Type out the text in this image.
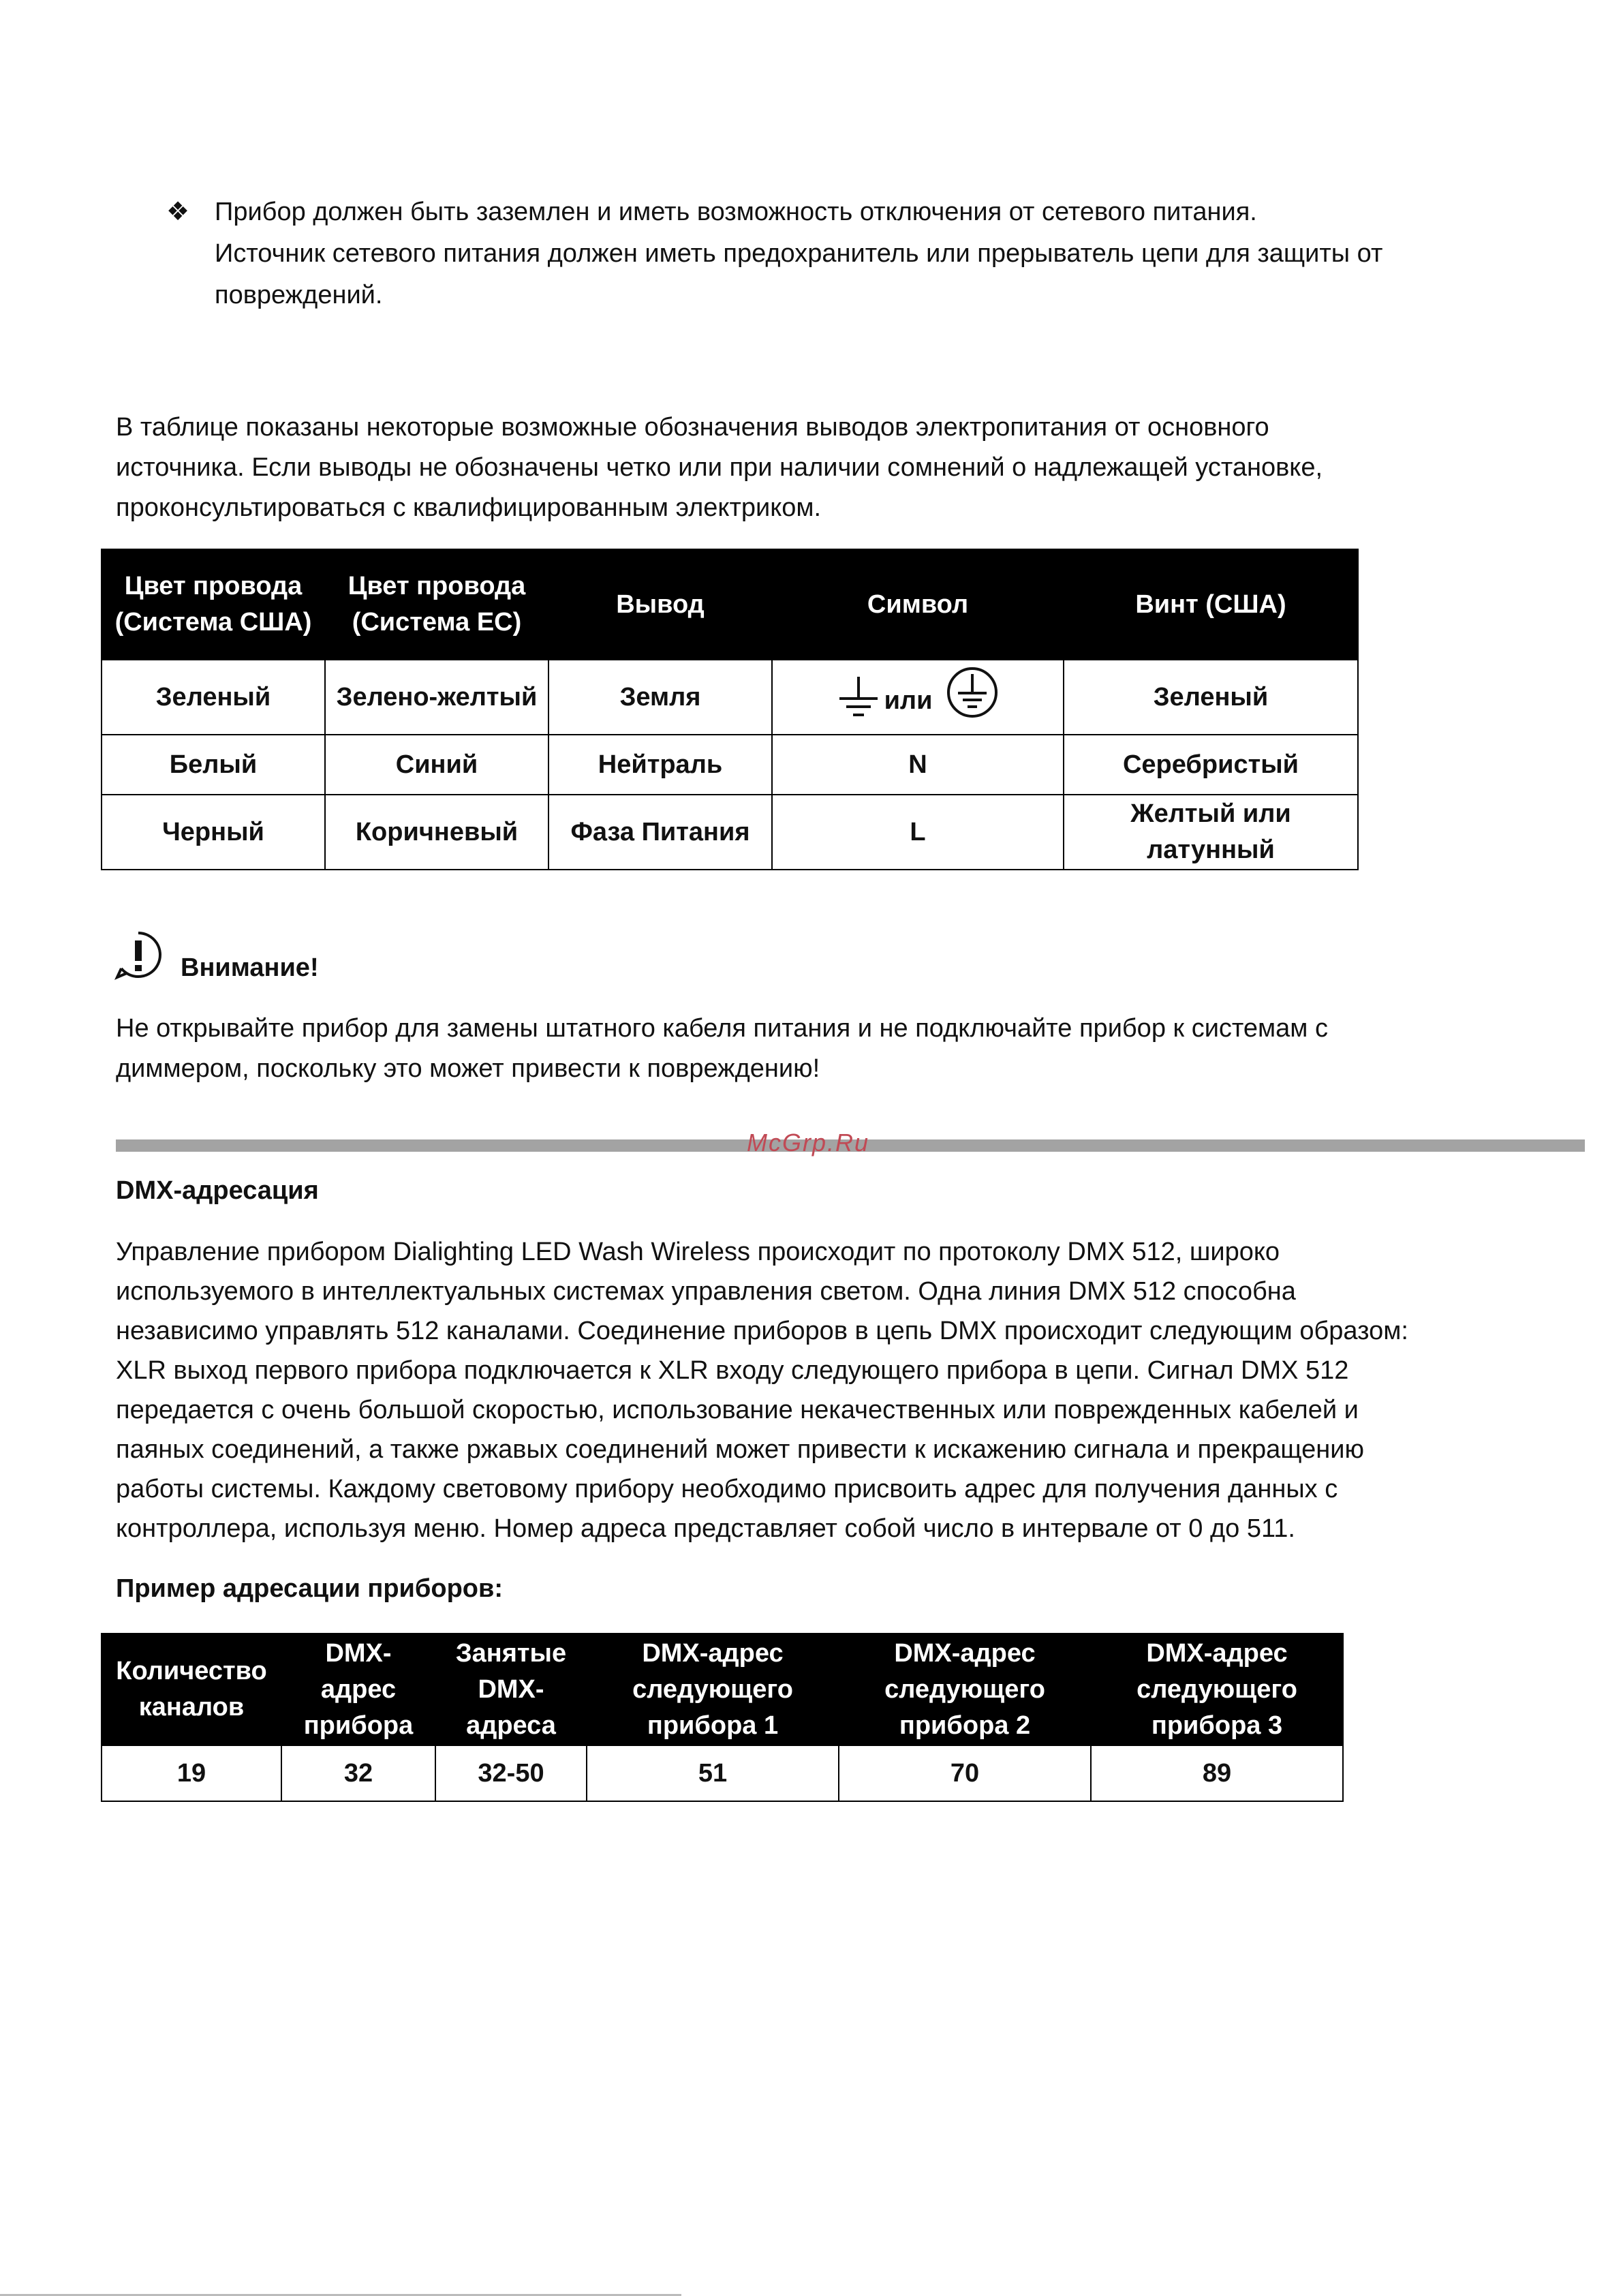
❖ Прибор должен быть заземлен и иметь возможность отключения от сетевого питания.

Источник сетевого питания должен иметь предохранитель или прерыватель цепи для защиты от

повреждений.

В таблице показаны некоторые возможные обозначения выводов электропитания от основного

источника. Если выводы не обозначены четко или при наличии сомнений о надлежащей установке,

проконсультироваться с квалифицированным электриком.

Цвет провода (Система США)	Цвет провода (Система ЕС)	Вывод	Символ	Винт (США)
Зеленый	Зелено-желтый	Земля	или	Зеленый
Белый	Синий	Нейтраль	N	Серебристый
Черный	Коричневый	Фаза Питания	L	Желтый или латунный

Внимание!

Не открывайте прибор для замены штатного кабеля питания и не подключайте прибор к системам с

диммером, поскольку это может привести к повреждению!

McGrp.Ru

DMX-адресация

Управление прибором Dialighting LED Wash Wireless происходит по протоколу DMX 512, широко

используемого в интеллектуальных системах управления светом. Одна линия DMX 512 способна

независимо управлять 512 каналами. Соединение приборов в цепь DMX происходит следующим образом:

XLR выход первого прибора подключается к XLR входу следующего прибора в цепи. Сигнал DMX 512

передается с очень большой скоростью, использование некачественных или поврежденных кабелей и

паяных соединений, а также ржавых соединений может привести к искажению сигнала и прекращению

работы системы. Каждому световому прибору необходимо присвоить адрес для получения данных с

контроллера, используя меню. Номер адреса представляет собой число в интервале от 0 до 511.

Пример адресации приборов:

Количество каналов	DMX-адрес прибора	Занятые DMX-адреса	DMX-адрес следующего прибора 1	DMX-адрес следующего прибора 2	DMX-адрес следующего прибора 3
19	32	32-50	51	70	89
